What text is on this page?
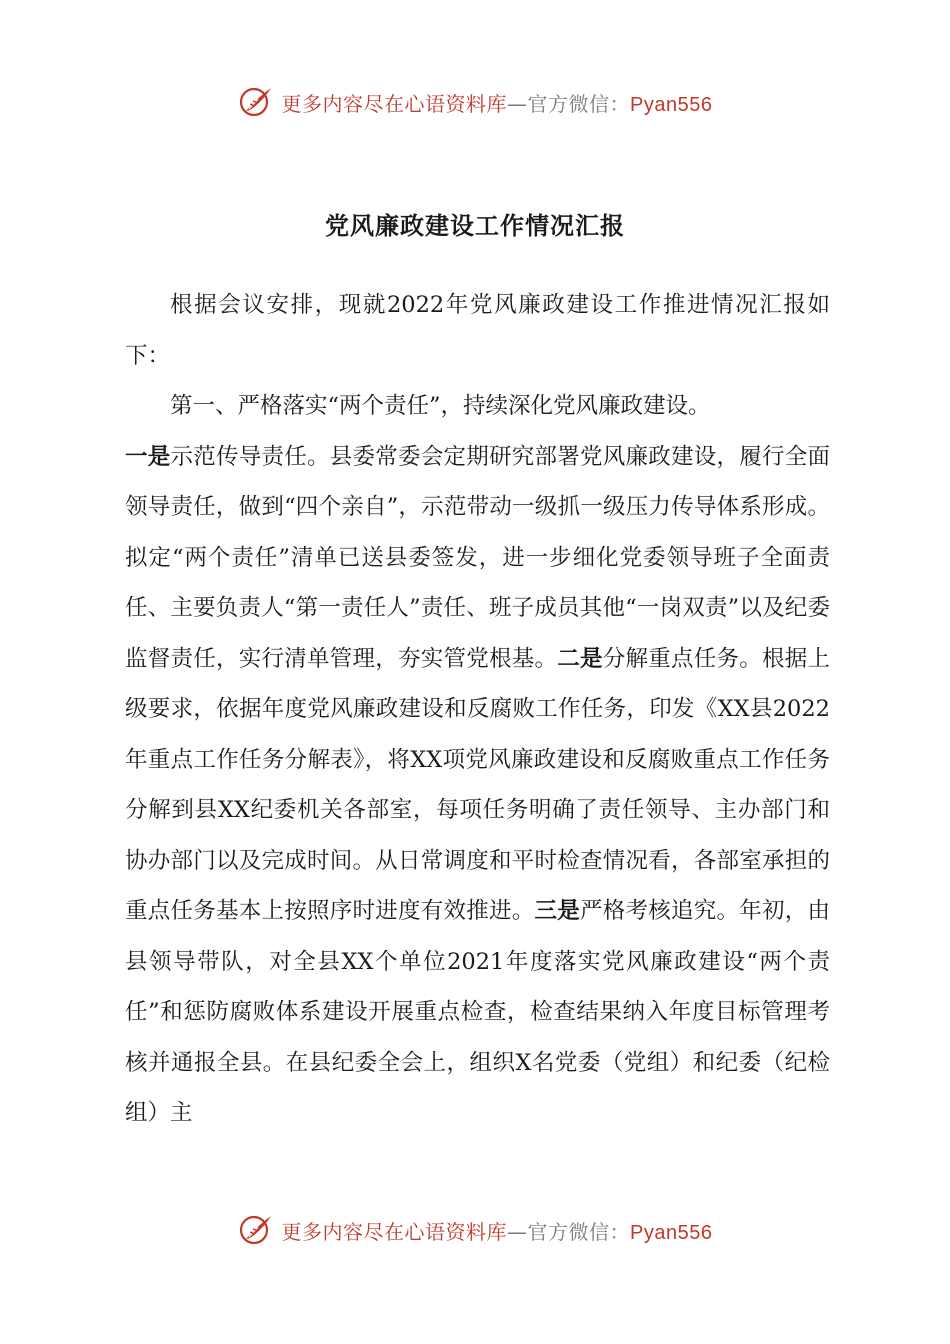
更多内容尽在心语资料库—官方微信：Pyan556
党风廉政建设工作情况汇报

根据会议安排，现就2022年党风廉政建设工作推进情况汇报如下：

第一、严格落实“两个责任”，持续深化党风廉政建设。

一是示范传导责任。县委常委会定期研究部署党风廉政建设，履行全面领导责任，做到“四个亲自”，示范带动一级抓一级压力传导体系形成。拟定“两个责任”清单已送县委签发，进一步细化党委领导班子全面责任、主要负责人“第一责任人”责任、班子成员其他“一岗双责”以及纪委监督责任，实行清单管理，夯实管党根基。二是分解重点任务。根据上级要求，依据年度党风廉政建设和反腐败工作任务，印发《XX县2022年重点工作任务分解表》，将XX项党风廉政建设和反腐败重点工作任务分解到县XX纪委机关各部室，每项任务明确了责任领导、主办部门和协办部门以及完成时间。从日常调度和平时检查情况看，各部室承担的重点任务基本上按照序时进度有效推进。三是严格考核追究。年初，由县领导带队，对全县XX个单位2021年度落实党风廉政建设“两个责任”和惩防腐败体系建设开展重点检查，检查结果纳入年度目标管理考核并通报全县。在县纪委全会上，组织X名党委（党组）和纪委（纪检组）主
更多内容尽在心语资料库—官方微信：Pyan556
